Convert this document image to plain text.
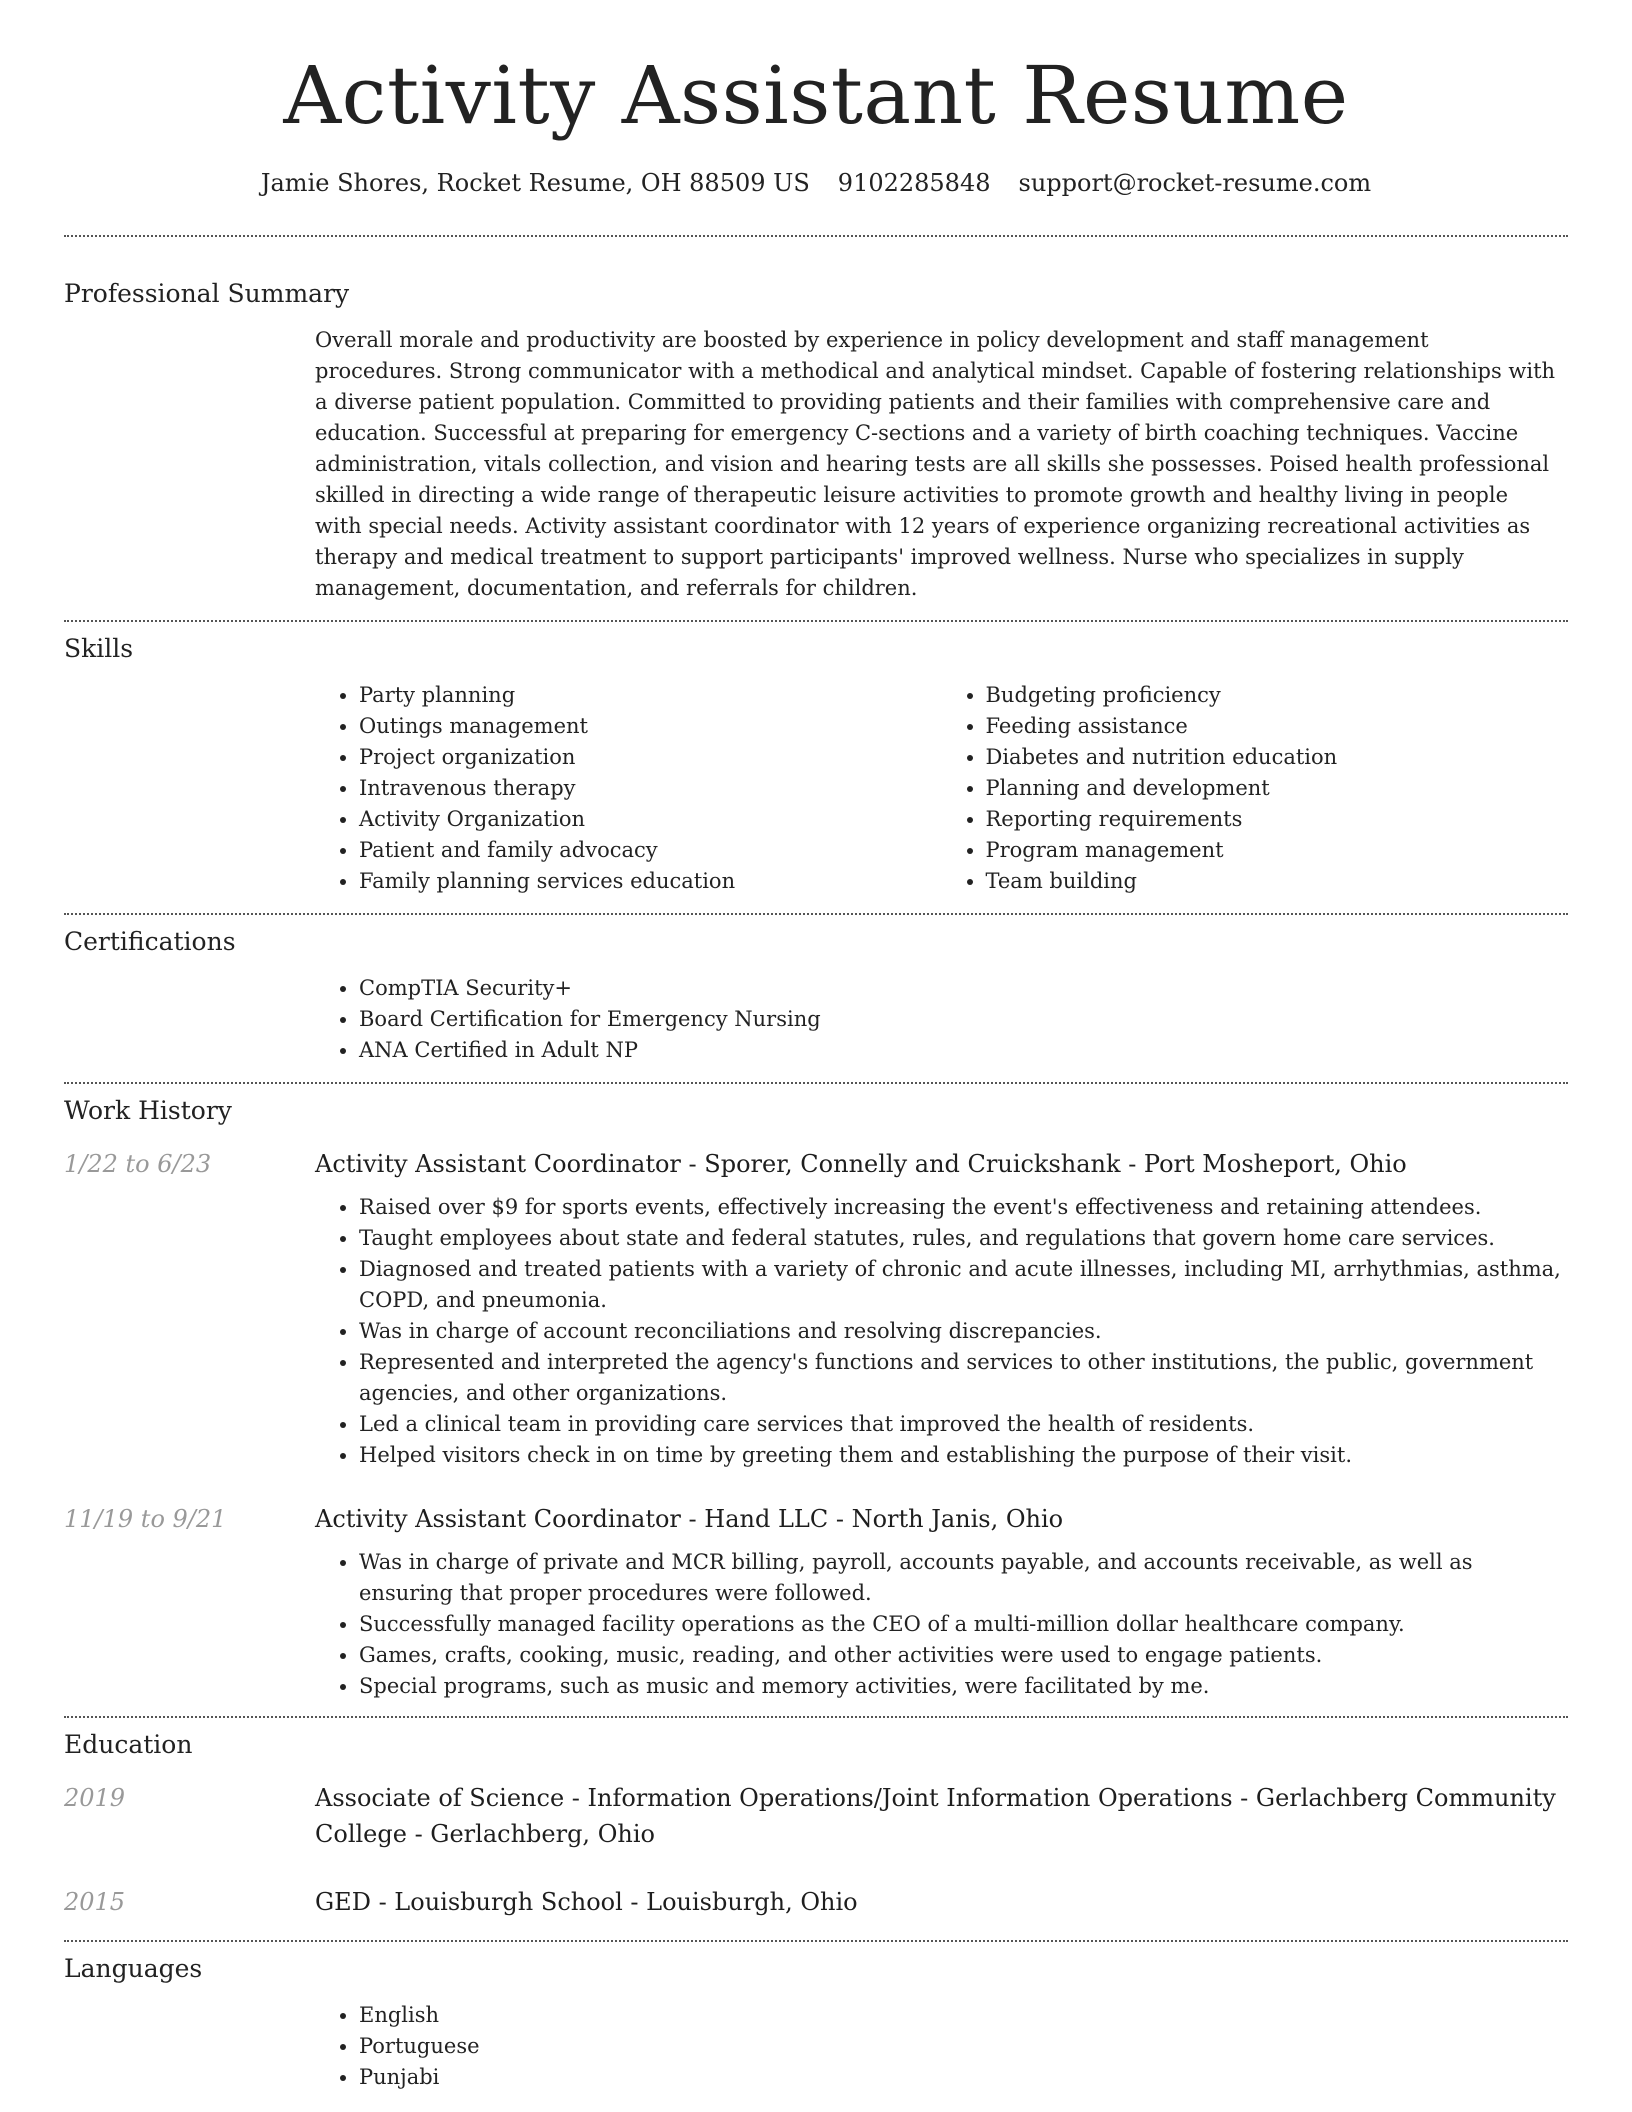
Activity Assistant Resume
Jamie Shores, Rocket Resume, OH 88509 US 9102285848 support@rocket-resume.com
Professional Summary

Overall morale and productivity are boosted by experience in policy development and staff management procedures. Strong communicator with a methodical and analytical mindset. Capable of fostering relationships with a diverse patient population. Committed to providing patients and their families with comprehensive care and education. Successful at preparing for emergency C-sections and a variety of birth coaching techniques. Vaccine administration, vitals collection, and vision and hearing tests are all skills she possesses. Poised health professional skilled in directing a wide range of therapeutic leisure activities to promote growth and healthy living in people with special needs. Activity assistant coordinator with 12 years of experience organizing recreational activities as therapy and medical treatment to support participants' improved wellness. Nurse who specializes in supply management, documentation, and referrals for children.

Skills
• Party planning
• Outings management
• Project organization
• Intravenous therapy
• Activity Organization
• Patient and family advocacy
• Family planning services education
• Budgeting proficiency
• Feeding assistance
• Diabetes and nutrition education
• Planning and development
• Reporting requirements
• Program management
• Team building
Certifications
• CompTIA Security+
• Board Certification for Emergency Nursing
• ANA Certified in Adult NP
Work History
1/22 to 6/23	Activity Assistant Coordinator - Sporer, Connelly and Cruickshank - Port Mosheport, Ohio
• Raised over $9 for sports events, effectively increasing the event's effectiveness and retaining attendees.
• Taught employees about state and federal statutes, rules, and regulations that govern home care services.
• Diagnosed and treated patients with a variety of chronic and acute illnesses, including MI, arrhythmias, asthma, COPD, and pneumonia.
• Was in charge of account reconciliations and resolving discrepancies.
• Represented and interpreted the agency's functions and services to other institutions, the public, government agencies, and other organizations.
• Led a clinical team in providing care services that improved the health of residents.
• Helped visitors check in on time by greeting them and establishing the purpose of their visit.
11/19 to 9/21	Activity Assistant Coordinator - Hand LLC - North Janis, Ohio
• Was in charge of private and MCR billing, payroll, accounts payable, and accounts receivable, as well as ensuring that proper procedures were followed.
• Successfully managed facility operations as the CEO of a multi-million dollar healthcare company.
• Games, crafts, cooking, music, reading, and other activities were used to engage patients.
• Special programs, such as music and memory activities, were facilitated by me.
Education
2019	Associate of Science - Information Operations/Joint Information Operations - Gerlachberg Community College - Gerlachberg, Ohio
2015	GED - Louisburgh School - Louisburgh, Ohio
Languages
• English
• Portuguese
• Punjabi
